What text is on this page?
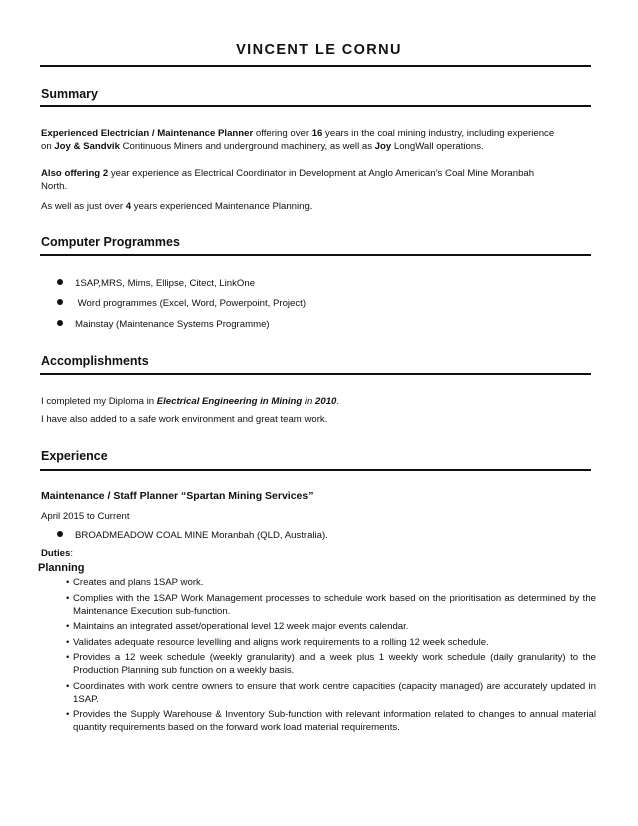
VINCENT LE CORNU
Summary
Experienced Electrician / Maintenance Planner offering over 16 years in the coal mining industry, including experience on Joy & Sandvik Continuous Miners and underground machinery, as well as Joy LongWall operations.
Also offering 2 year experience as Electrical Coordinator in Development at Anglo American’s Coal Mine Moranbah North.
As well as just over 4 years experienced Maintenance Planning.
Computer Programmes
1SAP,MRS, Mims, Ellipse, Citect, LinkOne
Word programmes (Excel, Word, Powerpoint, Project)
Mainstay (Maintenance Systems Programme)
Accomplishments
I completed my Diploma in Electrical Engineering in Mining in 2010.
I have also added to a safe work environment and great team work.
Experience
Maintenance / Staff Planner “Spartan Mining Services”
April 2015 to Current
BROADMEADOW COAL MINE Moranbah (QLD, Australia).
Duties:
Planning
• Creates and plans 1SAP work.
• Complies with the 1SAP Work Management processes to schedule work based on the prioritisation as determined by the Maintenance Execution sub-function.
• Maintains an integrated asset/operational level 12 week major events calendar.
• Validates adequate resource levelling and aligns work requirements to a rolling 12 week schedule.
• Provides a 12 week schedule (weekly granularity) and a week plus 1 weekly work schedule (daily granularity) to the Production Planning sub function on a weekly basis.
• Coordinates with work centre owners to ensure that work centre capacities (capacity managed) are accurately updated in 1SAP.
• Provides the Supply Warehouse & Inventory Sub-function with relevant information related to changes to annual material quantity requirements based on the forward work load material requirements.
